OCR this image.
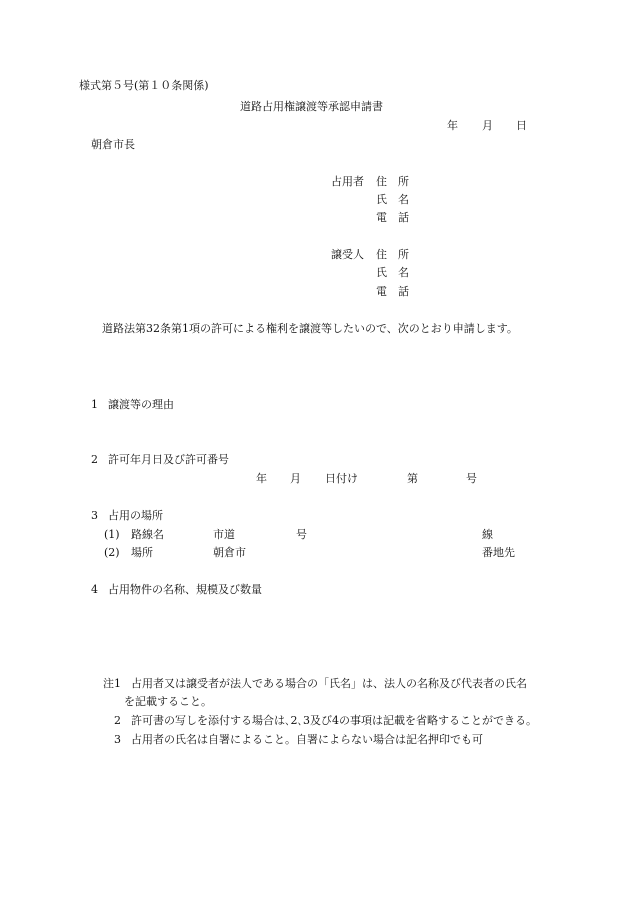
様式第５号(第１０条関係)
道路占用権譲渡等承認申請書
年 月 日
朝倉市長
占用者 住　所
氏　名
電　話
譲受人 住　所
氏　名
電　話
道路法第32条第1項の許可による権利を譲渡等したいので、次のとおり申請します。
1 譲渡等の理由
2 許可年月日及び許可番号
年 月 日付け	第	号
3 占用の場所
(1) 路線名	市道	号	線
(2) 場所	朝倉市	番地先
4 占用物件の名称、規模及び数量
注1 占用者又は譲受者が法人である場合の「氏名」は、法人の名称及び代表者の氏名
を記載すること。
2 許可書の写しを添付する場合は､2､3及び4の事項は記載を省略することができる。
3 占用者の氏名は自署によること。自署によらない場合は記名押印でも可
